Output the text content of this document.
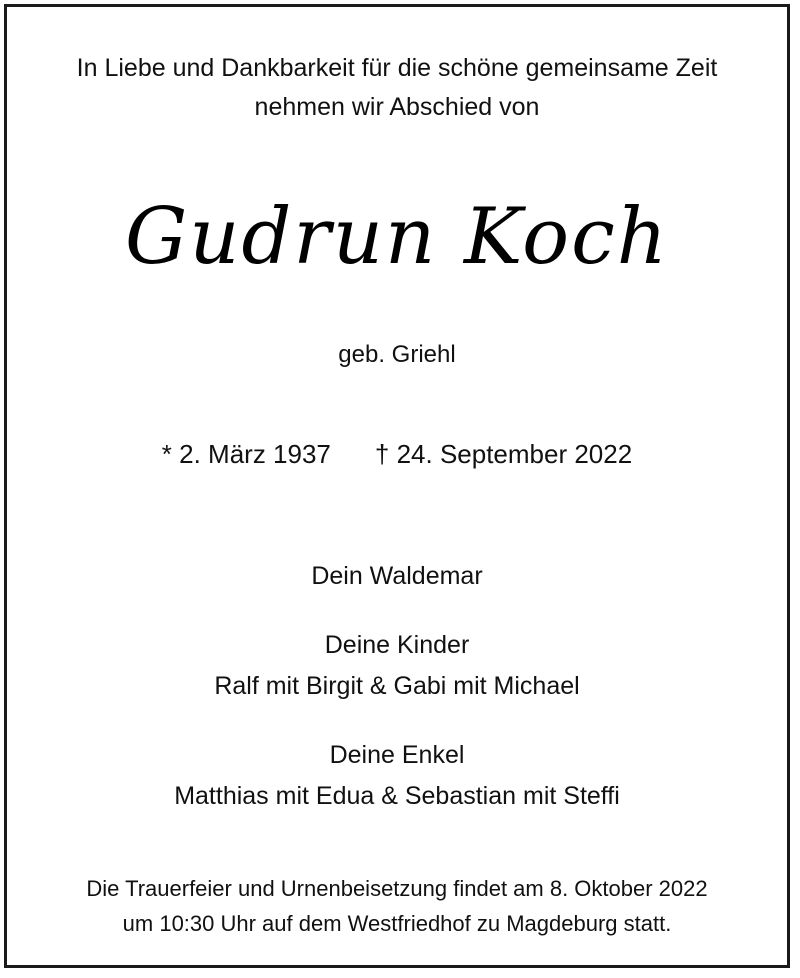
In Liebe und Dankbarkeit für die schöne gemeinsame Zeit
nehmen wir Abschied von
Gudrun Koch
geb. Griehl
* 2. März 1937 † 24. September 2022
Dein Waldemar
Deine Kinder
Ralf mit Birgit & Gabi mit Michael
Deine Enkel
Matthias mit Edua & Sebastian mit Steffi
Die Trauerfeier und Urnenbeisetzung findet am 8. Oktober 2022
um 10:30 Uhr auf dem Westfriedhof zu Magdeburg statt.
